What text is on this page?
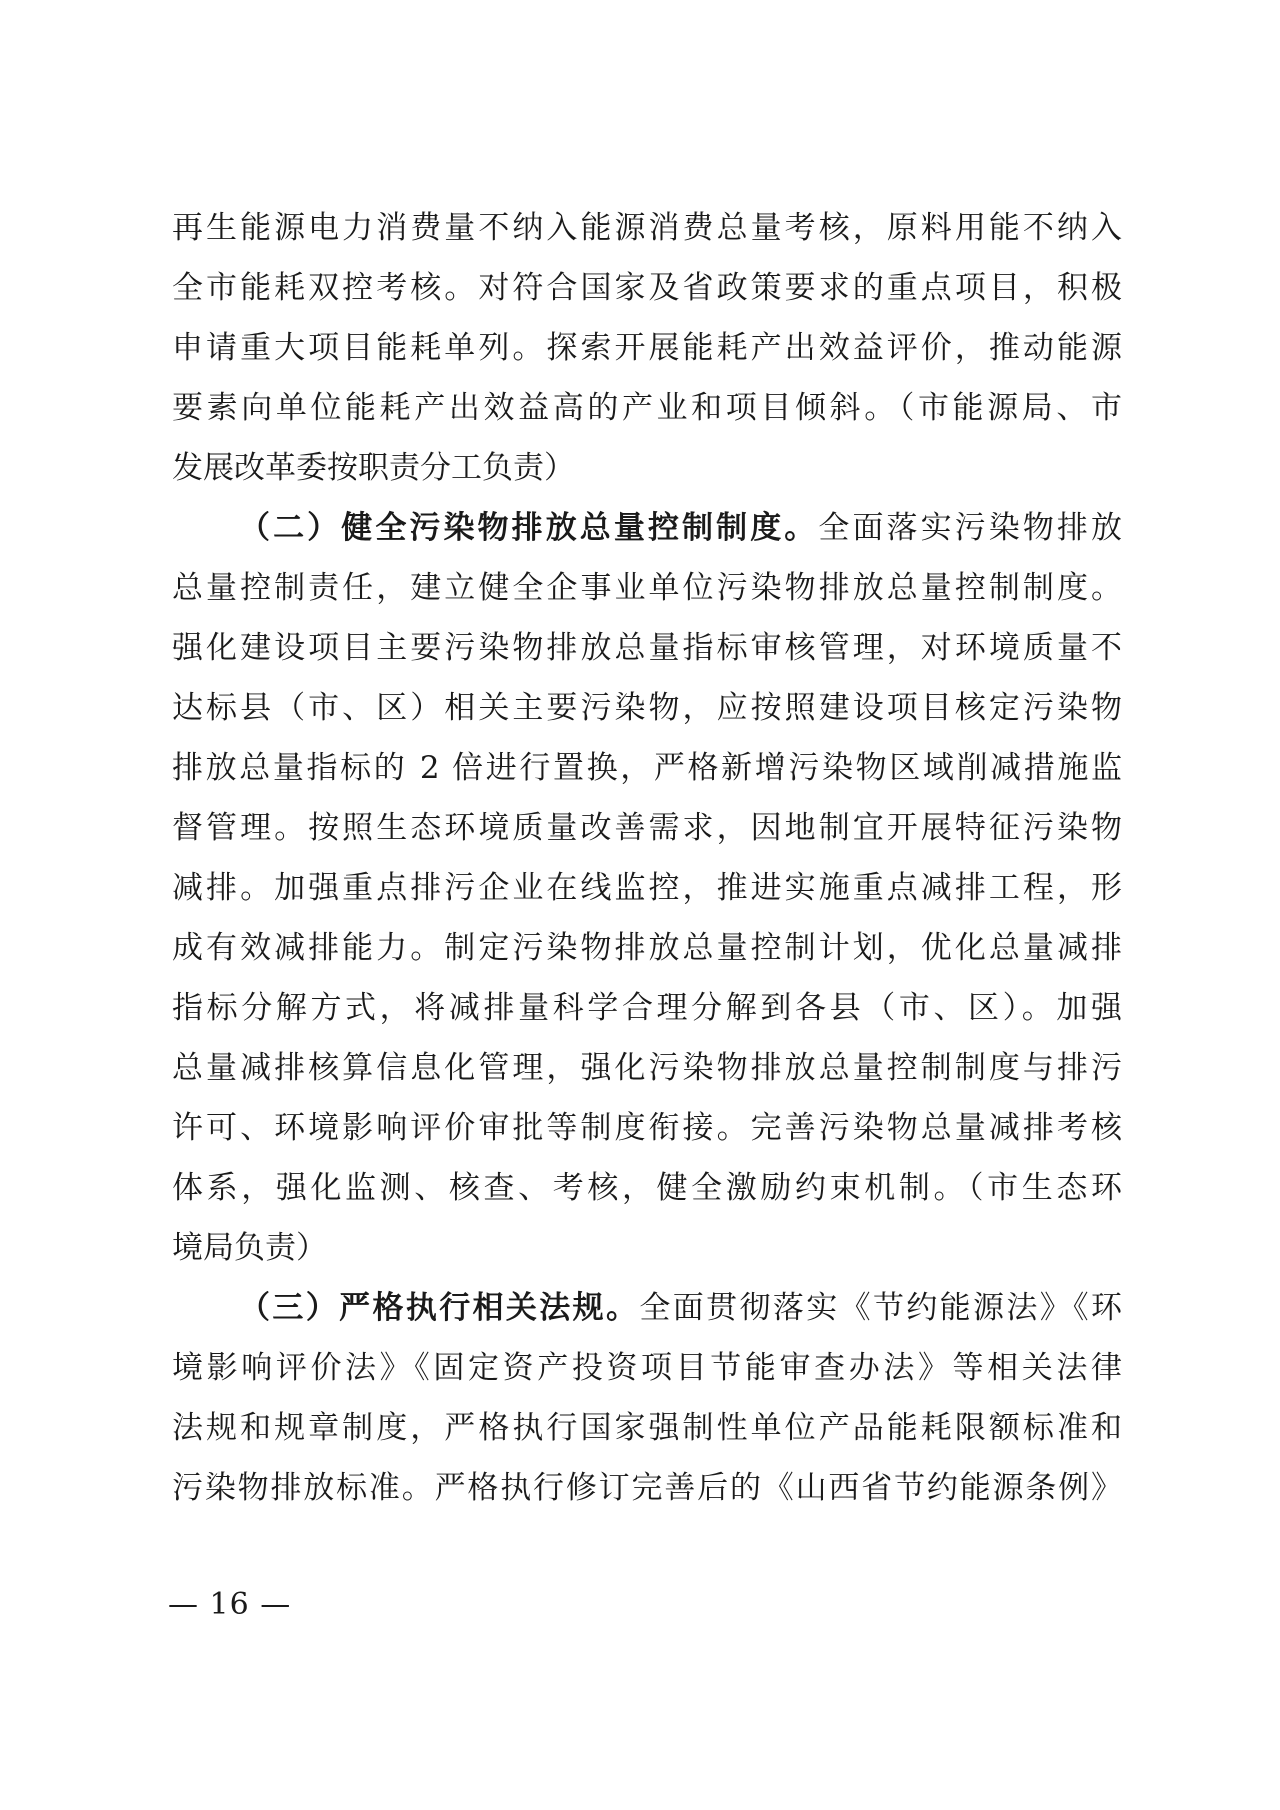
再生能源电力消费量不纳入能源消费总量考核，原料用能不纳入
全市能耗双控考核。对符合国家及省政策要求的重点项目，积极
申请重大项目能耗单列。探索开展能耗产出效益评价，推动能源
要素向单位能耗产出效益高的产业和项目倾斜。（市能源局、市
发展改革委按职责分工负责）
（二）健全污染物排放总量控制制度。全面落实污染物排放
总量控制责任，建立健全企事业单位污染物排放总量控制制度。
强化建设项目主要污染物排放总量指标审核管理，对环境质量不
达标县（市、区）相关主要污染物，应按照建设项目核定污染物
排放总量指标的 2 倍进行置换，严格新增污染物区域削减措施监
督管理。按照生态环境质量改善需求，因地制宜开展特征污染物
减排。加强重点排污企业在线监控，推进实施重点减排工程，形
成有效减排能力。制定污染物排放总量控制计划，优化总量减排
指标分解方式，将减排量科学合理分解到各县（市、区）。加强
总量减排核算信息化管理，强化污染物排放总量控制制度与排污
许可、环境影响评价审批等制度衔接。完善污染物总量减排考核
体系，强化监测、核查、考核，健全激励约束机制。（市生态环
境局负责）
（三）严格执行相关法规。全面贯彻落实《节约能源法》《环
境影响评价法》《固定资产投资项目节能审查办法》等相关法律
法规和规章制度，严格执行国家强制性单位产品能耗限额标准和
污染物排放标准。严格执行修订完善后的《山西省节约能源条例》
— 16 —
